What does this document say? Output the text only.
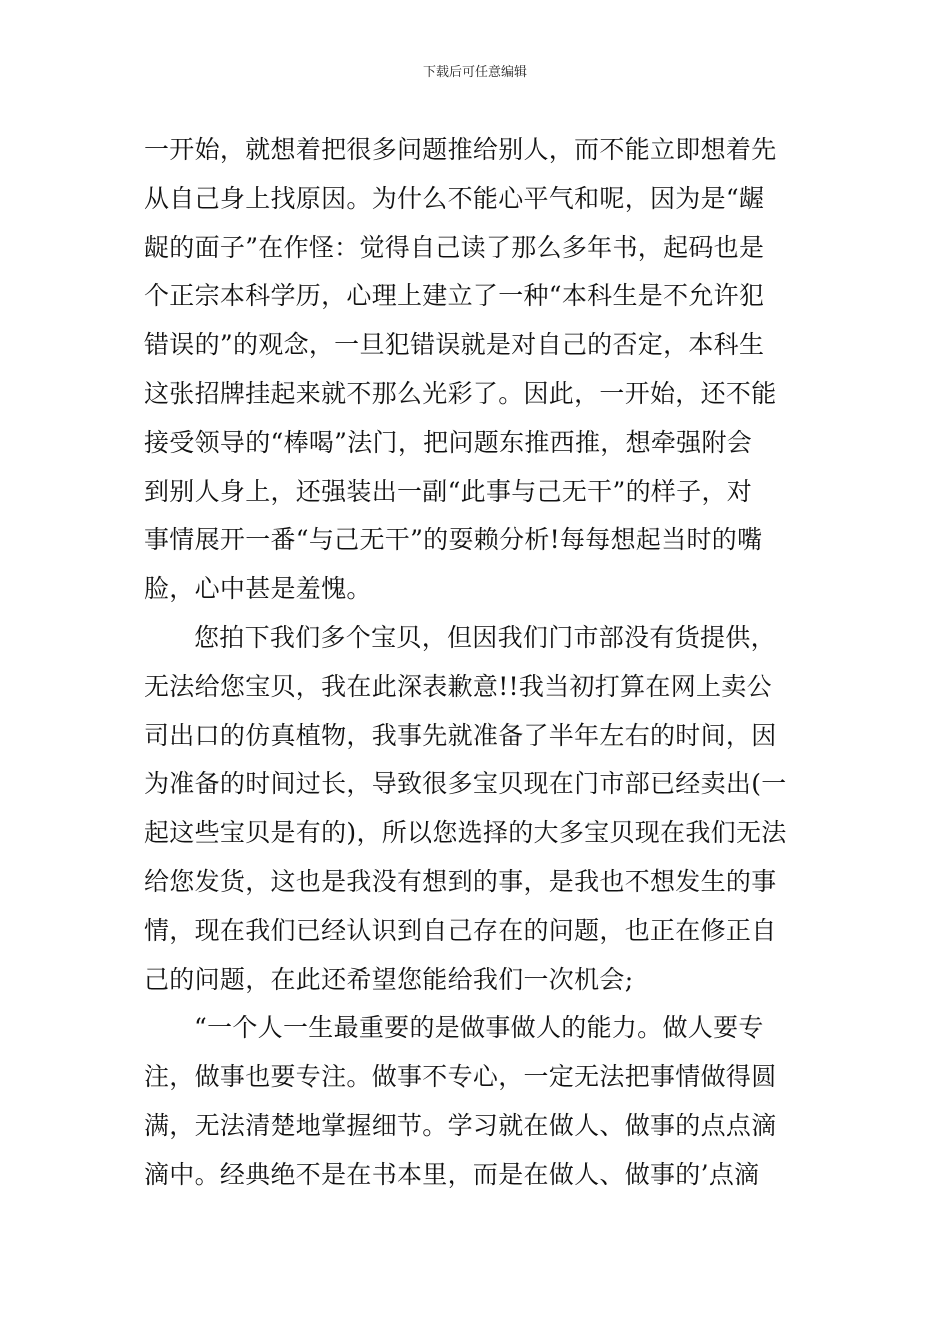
下载后可任意编辑
一开始，就想着把很多问题推给别人，而不能立即想着先
从自己身上找原因。为什么不能心平气和呢，因为是“龌
龊的面子”在作怪：觉得自己读了那么多年书，起码也是
个正宗本科学历，心理上建立了一种“本科生是不允许犯
错误的”的观念，一旦犯错误就是对自己的否定，本科生
这张招牌挂起来就不那么光彩了。因此，一开始，还不能
接受领导的“棒喝”法门，把问题东推西推，想牵强附会
到别人身上，还强装出一副“此事与己无干”的样子，对
事情展开一番“与己无干”的耍赖分析!每每想起当时的嘴
脸，心中甚是羞愧。
您拍下我们多个宝贝，但因我们门市部没有货提供，
无法给您宝贝，我在此深表歉意!!我当初打算在网上卖公
司出口的仿真植物，我事先就准备了半年左右的时间，因
为准备的时间过长，导致很多宝贝现在门市部已经卖出(一
起这些宝贝是有的)，所以您选择的大多宝贝现在我们无法
给您发货，这也是我没有想到的事，是我也不想发生的事
情，现在我们已经认识到自己存在的问题，也正在修正自
己的问题，在此还希望您能给我们一次机会;
“一个人一生最重要的是做事做人的能力。做人要专
注，做事也要专注。做事不专心，一定无法把事情做得圆
满，无法清楚地掌握细节。学习就在做人、做事的点点滴
滴中。经典绝不是在书本里，而是在做人、做事的’点滴
